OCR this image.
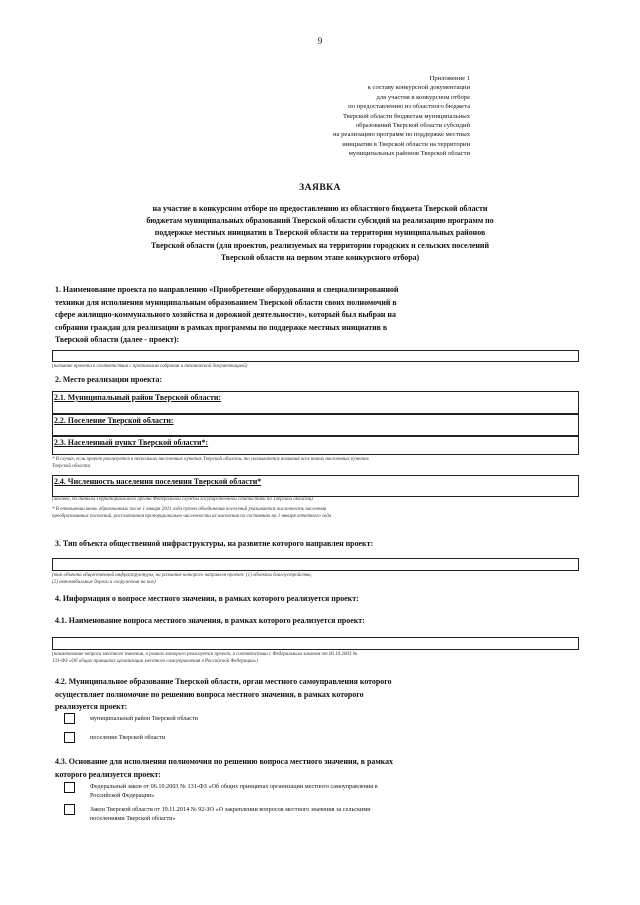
9
Приложение 1
к составу конкурсной документации
для участия в конкурсном отборе
по предоставлению из областного бюджета
Тверской области бюджетам муниципальных
образований Тверской области субсидий
на реализацию программ по поддержке местных
инициатив в Тверской области на территории
муниципальных районов Тверской области
ЗАЯВКА
на участие в конкурсном отборе по предоставлению из областного бюджета Тверской области
бюджетам муниципальных образований Тверской области субсидий на реализацию программ по
поддержке местных инициатив в Тверской области на территории муниципальных районов
Тверской области (для проектов, реализуемых на территории городских и сельских поселений
Тверской области на первом этапе конкурсного отбора)
1. Наименование проекта по направлению «Приобретение оборудования и специализированной
техники для исполнения муниципальным образованием Тверской области своих полномочий в
сфере жилищно-коммунального хозяйства и дорожной деятельности», который был выбран на
собрании граждан для реализации в рамках программы по поддержке местных инициатив в
Тверской области (далее - проект):
(название проекта в соответствии с протоколом собрания и технической документацией)
2. Место реализации проекта:
2.1. Муниципальный район Тверской области:
2.2. Поселение Тверской области:
2.3. Населенный пункт Тверской области*:
* В случае, если проект реализуется в нескольких населенных пунктах Тверской области, то указываются названия всех таких населенных пунктов
Тверской области
2.4. Численность населения поселения Тверской области*
(человек, по данным Территориального органа Федеральной службы государственной статистики по Тверской области)
* В отношении вновь образованных после 1 января 2011 года путем объединения поселений указывается численность населения
преобразованных поселений, рассчитанная пропорционально численности их населения по состоянию на 1 января отчетного года
3. Тип объекта общественной инфраструктуры, на развитие которого направлен проект:
(тип объекта общественной инфраструктуры, на развитие которого направлен проект: (1) объекты благоустройства,
(2) автомобильные дороги и сооружения на них)
4. Информация о вопросе местного значения, в рамках которого реализуется проект:
4.1. Наименование вопроса местного значения, в рамках которого реализуется проект:
(наименование вопроса местного значения, в рамках которого реализуется проект, в соответствии с Федеральным законом от 06.10.2003 №
131-ФЗ «Об общих принципах организации местного самоуправления в Российской Федерации»)
4.2. Муниципальное образование Тверской области, орган местного самоуправления которого
осуществляет полномочие по решению вопроса местного значения, в рамках которого
реализуется проект:
муниципальный район Тверской области
поселение Тверской области
4.3. Основание для исполнения полномочия по решению вопроса местного значения, в рамках
которого реализуется проект:
Федеральный закон от 06.10.2003 № 131-ФЗ «Об общих принципах организации местного самоуправления в
Российской Федерации»
Закон Тверской области от 19.11.2014 № 92-ЗО «О закреплении вопросов местного значения за сельскими
поселениями Тверской области»
